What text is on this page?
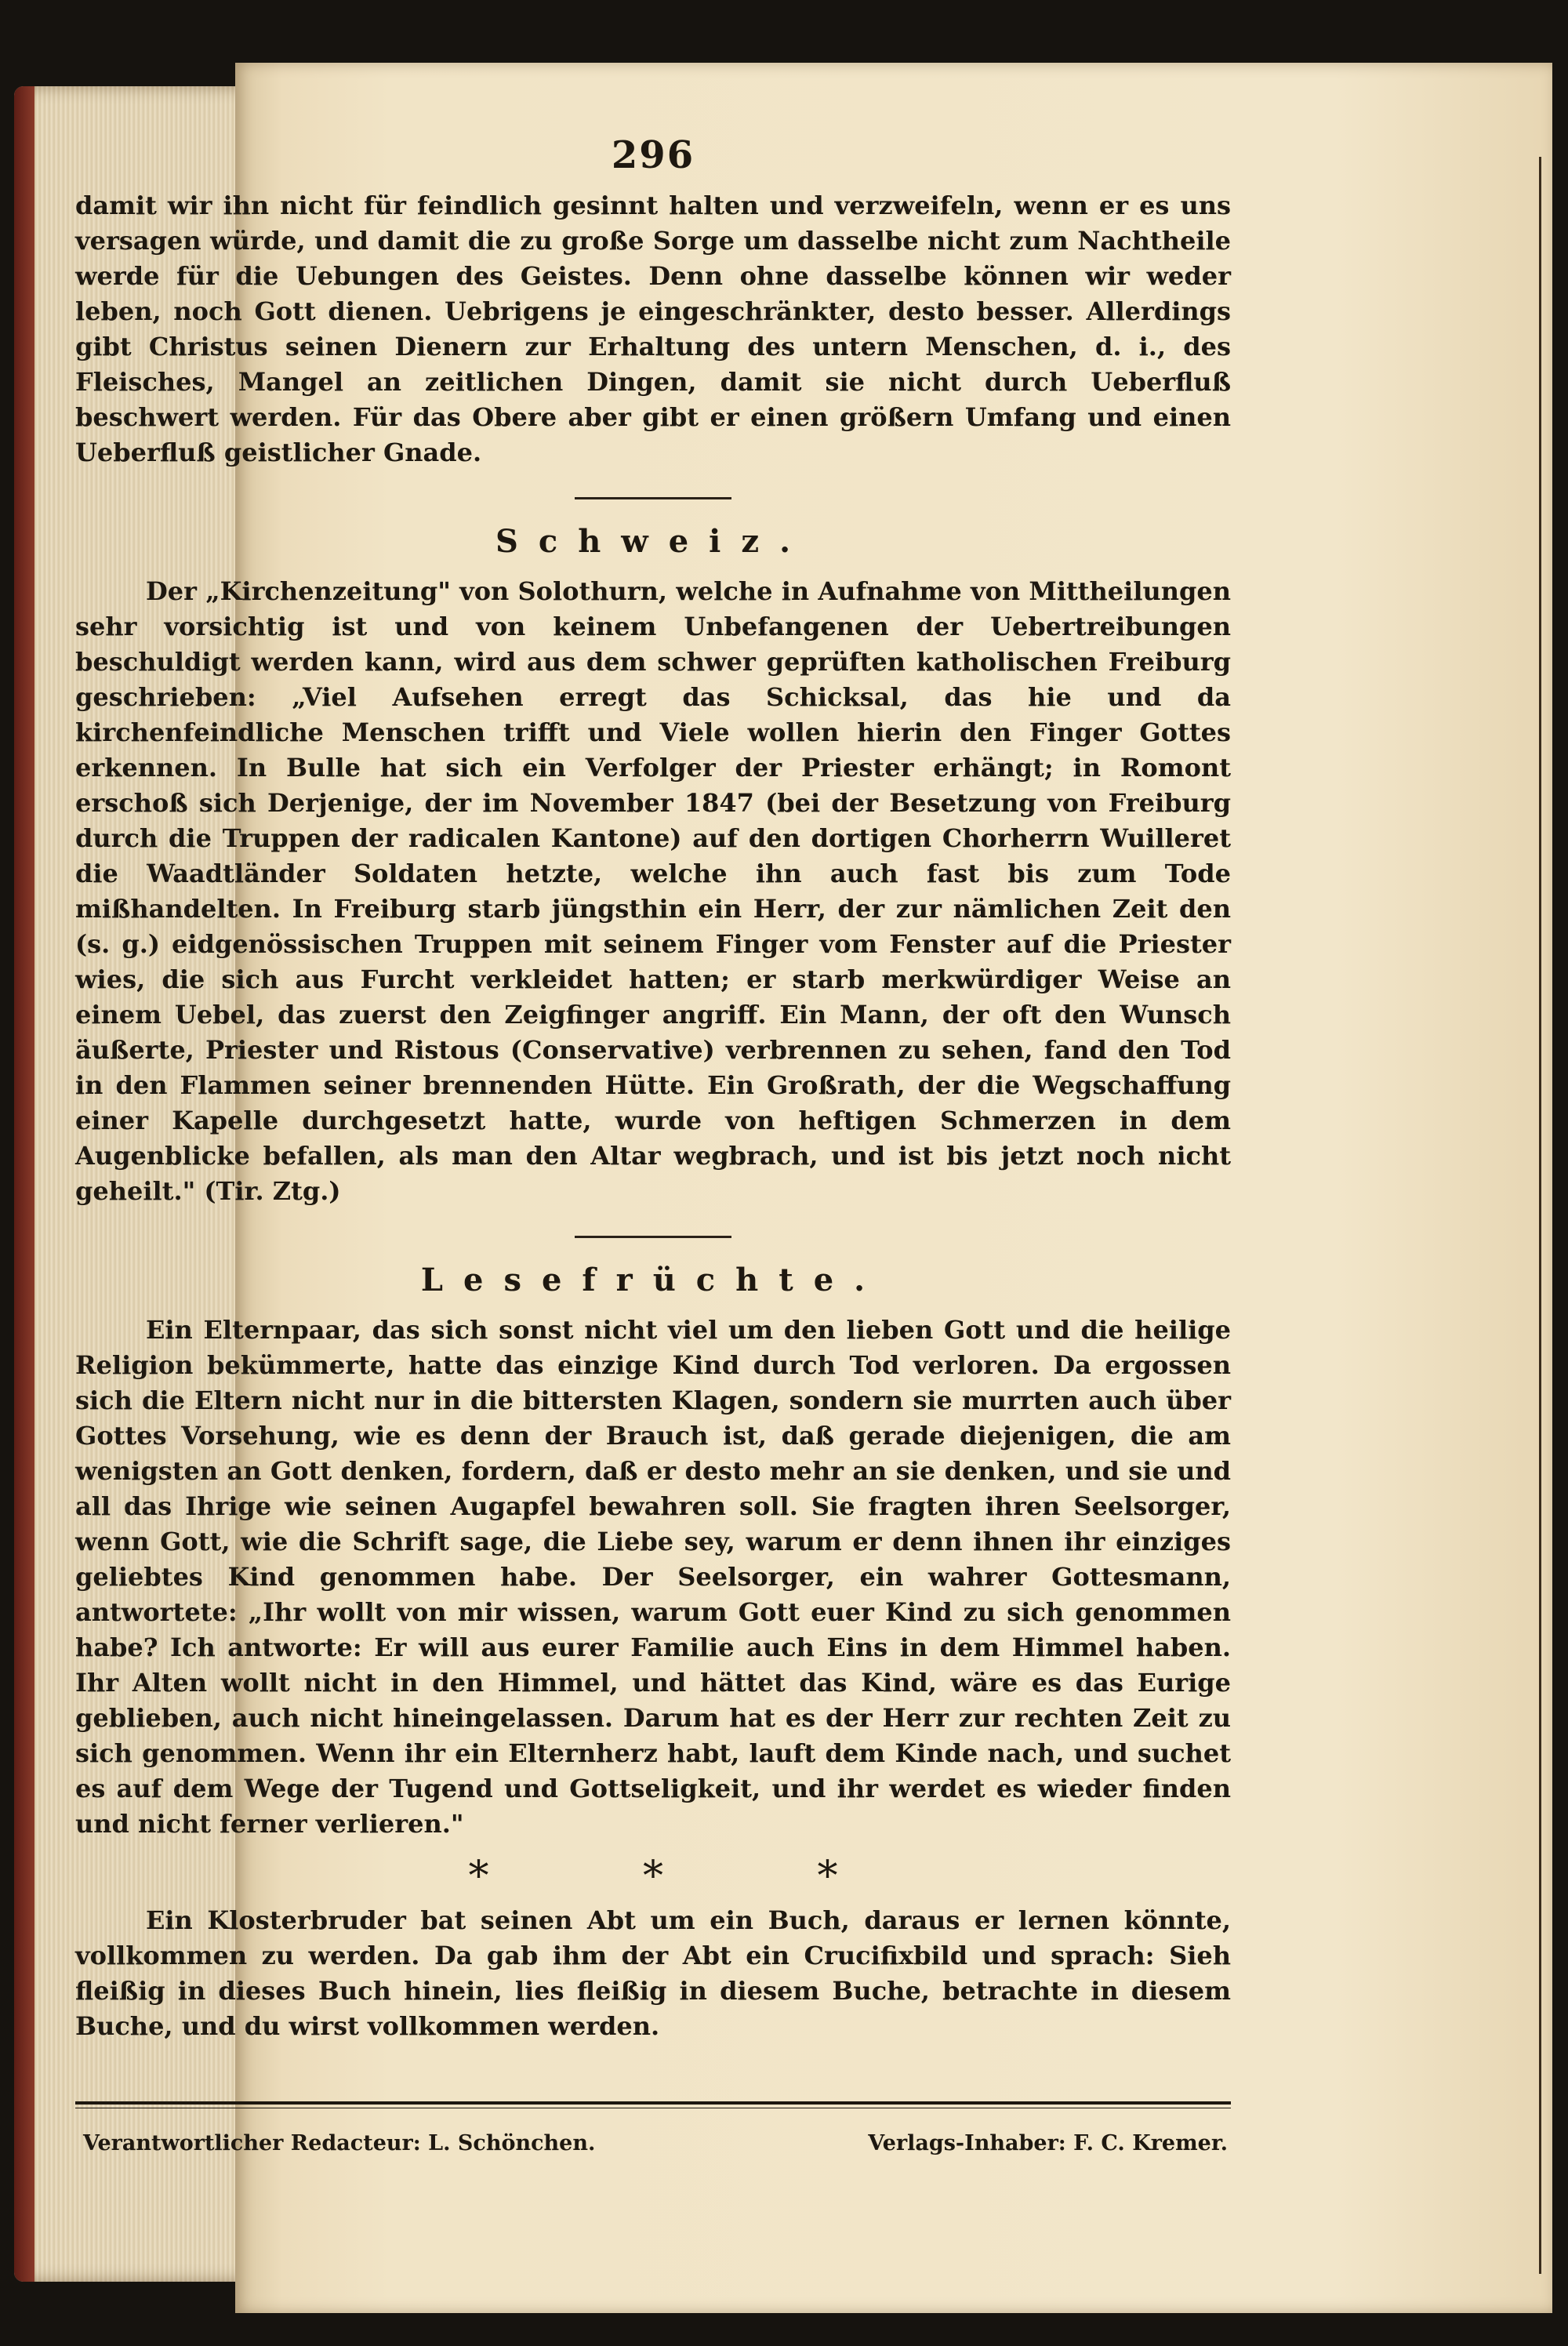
296

damit wir ihn nicht für feindlich gesinnt halten und verzweifeln, wenn er es uns versagen würde, und damit die zu große Sorge um dasselbe nicht zum Nachtheile werde für die Uebungen des Geistes. Denn ohne dasselbe können wir weder leben, noch Gott dienen. Uebrigens je eingeschränkter, desto besser. Allerdings gibt Christus seinen Dienern zur Erhaltung des untern Menschen, d. i., des Fleisches, Mangel an zeitlichen Dingen, damit sie nicht durch Ueberfluß beschwert werden. Für das Obere aber gibt er einen größern Umfang und einen Ueberfluß geistlicher Gnade.

Schweiz.

Der „Kirchenzeitung" von Solothurn, welche in Aufnahme von Mittheilungen sehr vorsichtig ist und von keinem Unbefangenen der Uebertreibungen beschuldigt werden kann, wird aus dem schwer geprüften katholischen Freiburg geschrieben: „Viel Aufsehen erregt das Schicksal, das hie und da kirchenfeindliche Menschen trifft und Viele wollen hierin den Finger Gottes erkennen. In Bulle hat sich ein Verfolger der Priester erhängt; in Romont erschoß sich Derjenige, der im November 1847 (bei der Besetzung von Freiburg durch die Truppen der radicalen Kantone) auf den dortigen Chorherrn Wuilleret die Waadtländer Soldaten hetzte, welche ihn auch fast bis zum Tode mißhandelten. In Freiburg starb jüngsthin ein Herr, der zur nämlichen Zeit den (s. g.) eidgenössischen Truppen mit seinem Finger vom Fenster auf die Priester wies, die sich aus Furcht verkleidet hatten; er starb merkwürdiger Weise an einem Uebel, das zuerst den Zeigfinger angriff. Ein Mann, der oft den Wunsch äußerte, Priester und Ristous (Conservative) verbrennen zu sehen, fand den Tod in den Flammen seiner brennenden Hütte. Ein Großrath, der die Wegschaffung einer Kapelle durchgesetzt hatte, wurde von heftigen Schmerzen in dem Augenblicke befallen, als man den Altar wegbrach, und ist bis jetzt noch nicht geheilt." (Tir. Ztg.)

Lesefrüchte.

Ein Elternpaar, das sich sonst nicht viel um den lieben Gott und die heilige Religion bekümmerte, hatte das einzige Kind durch Tod verloren. Da ergossen sich die Eltern nicht nur in die bittersten Klagen, sondern sie murrten auch über Gottes Vorsehung, wie es denn der Brauch ist, daß gerade diejenigen, die am wenigsten an Gott denken, fordern, daß er desto mehr an sie denken, und sie und all das Ihrige wie seinen Augapfel bewahren soll. Sie fragten ihren Seelsorger, wenn Gott, wie die Schrift sage, die Liebe sey, warum er denn ihnen ihr einziges geliebtes Kind genommen habe. Der Seelsorger, ein wahrer Gottesmann, antwortete: „Ihr wollt von mir wissen, warum Gott euer Kind zu sich genommen habe? Ich antworte: Er will aus eurer Familie auch Eins in dem Himmel haben. Ihr Alten wollt nicht in den Himmel, und hättet das Kind, wäre es das Eurige geblieben, auch nicht hineingelassen. Darum hat es der Herr zur rechten Zeit zu sich genommen. Wenn ihr ein Elternherz habt, lauft dem Kinde nach, und suchet es auf dem Wege der Tugend und Gottseligkeit, und ihr werdet es wieder finden und nicht ferner verlieren."

* * *

Ein Klosterbruder bat seinen Abt um ein Buch, daraus er lernen könnte, vollkommen zu werden. Da gab ihm der Abt ein Crucifixbild und sprach: Sieh fleißig in dieses Buch hinein, lies fleißig in diesem Buche, betrachte in diesem Buche, und du wirst vollkommen werden.

Verantwortlicher Redacteur: L. Schönchen.	Verlags-Inhaber: F. C. Kremer.
